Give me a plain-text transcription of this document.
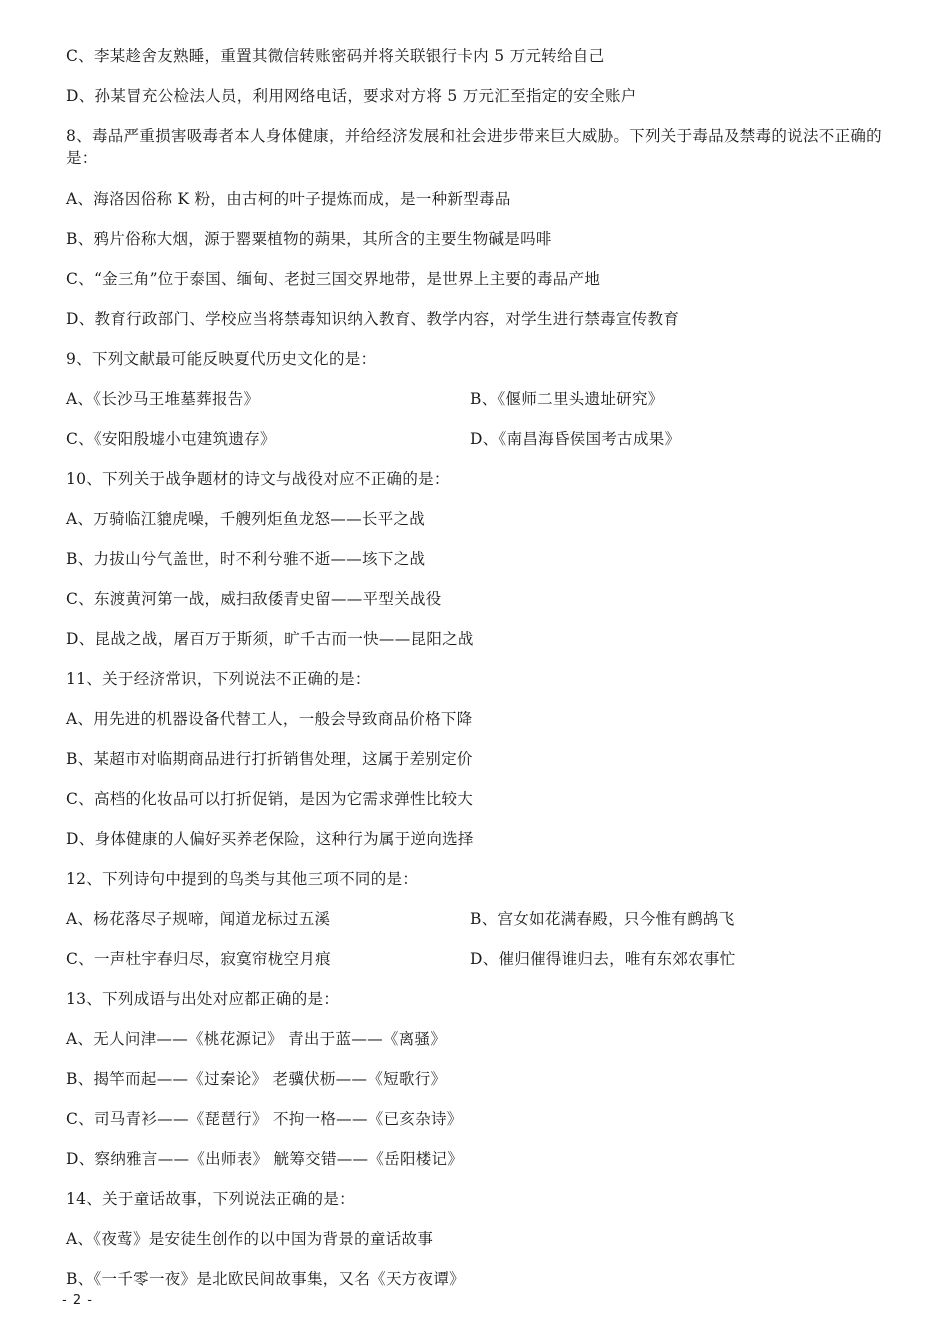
C、李某趁舍友熟睡，重置其微信转账密码并将关联银行卡内 5 万元转给自己
D、孙某冒充公检法人员，利用网络电话，要求对方将 5 万元汇至指定的安全账户
8、毒品严重损害吸毒者本人身体健康，并给经济发展和社会进步带来巨大威胁。下列关于毒品及禁毒的说法不正确的是：
A、海洛因俗称 K 粉，由古柯的叶子提炼而成，是一种新型毒品
B、鸦片俗称大烟，源于罂粟植物的蒴果，其所含的主要生物碱是吗啡
C、“金三角”位于泰国、缅甸、老挝三国交界地带，是世界上主要的毒品产地
D、教育行政部门、学校应当将禁毒知识纳入教育、教学内容，对学生进行禁毒宣传教育
9、下列文献最可能反映夏代历史文化的是：
A、《长沙马王堆墓葬报告》	B、《偃师二里头遗址研究》
C、《安阳殷墟小屯建筑遗存》	D、《南昌海昏侯国考古成果》
10、下列关于战争题材的诗文与战役对应不正确的是：
A、万骑临江貔虎噪，千艘列炬鱼龙怒——长平之战
B、力拔山兮气盖世，时不利兮骓不逝——垓下之战
C、东渡黄河第一战，威扫敌倭青史留——平型关战役
D、昆战之战，屠百万于斯须，旷千古而一快——昆阳之战
11、关于经济常识，下列说法不正确的是：
A、用先进的机器设备代替工人，一般会导致商品价格下降
B、某超市对临期商品进行打折销售处理，这属于差别定价
C、高档的化妆品可以打折促销，是因为它需求弹性比较大
D、身体健康的人偏好买养老保险，这种行为属于逆向选择
12、下列诗句中提到的鸟类与其他三项不同的是：
A、杨花落尽子规啼，闻道龙标过五溪	B、宫女如花满春殿，只今惟有鹧鸪飞
C、一声杜宇春归尽，寂寞帘栊空月痕	D、催归催得谁归去，唯有东郊农事忙
13、下列成语与出处对应都正确的是：
A、无人问津——《桃花源记》 青出于蓝——《离骚》
B、揭竿而起——《过秦论》 老骥伏枥——《短歌行》
C、司马青衫——《琵琶行》 不拘一格——《已亥杂诗》
D、察纳雅言——《出师表》 觥筹交错——《岳阳楼记》
14、关于童话故事，下列说法正确的是：
A、《夜莺》是安徒生创作的以中国为背景的童话故事
B、《一千零一夜》是北欧民间故事集，又名《天方夜谭》
- 2 -
